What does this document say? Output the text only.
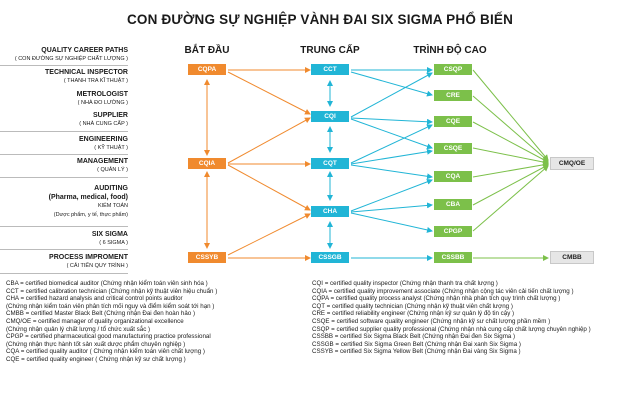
CON ĐƯỜNG SỰ NGHIỆP VÀNH ĐAI SIX SIGMA PHỔ BIẾN
BẮT ĐẦU	TRUNG CẤP	TRÌNH ĐỘ CAO
QUALITY CAREER PATHS
( CON ĐƯỜNG SỰ NGHIỆP CHẤT LƯỢNG )
TECHNICAL INSPECTOR
( THANH TRA KĨ THUẬT )
METROLOGIST
( NHÀ ĐO LƯỜNG )
SUPPLIER
( NHÀ CUNG CẤP )
ENGINEERING
( KỸ THUẬT )
MANAGEMENT
( QUẢN LÝ )
AUDITING
(Pharma, medical, food)
KIỂM TOÁN
(Dược phẩm, y tế, thực phẩm)
SIX SIGMA
( 6 SIGMA )
PROCESS IMPROMENT
( CẢI TIẾN QUY TRÌNH )
CQPA
CQIA
CSSYB
CCT
CQI
CQT
CHA
CSSGB
CSQP
CRE
CQE
CSQE
CQA
CBA
CPGP
CSSBB
CMQ/OE
CMBB
CBA = certified biomedical auditor (Chứng nhận kiểm toán viên sinh hóa )
CCT = certified calibration technician (Chứng nhận kỹ thuật viên hiệu chuẩn )
CHA = certified hazard analysis and critical control points auditor
(Chứng nhận kiểm toán viên phân tích mối nguy và điểm kiểm soát tới hạn )
CMBB = certified Master Black Belt (Chứng nhận Đai đen hoàn hảo )
CMQ/OE = certified manager of quality organizational excellence
(Chứng nhận quản lý chất lượng / tổ chức xuất sắc )
CPGP = certified pharmaceutical good manufacturing practice professional
(Chứng nhận thực hành tốt sản xuất dược phẩm chuyên nghiệp )
CQA = certified quality auditor ( Chứng nhận kiểm toán viên chất lượng )
CQE = certified quality engineer ( Chứng nhận kỹ sư chất lượng )
CQI = certified quality inspector (Chứng nhận thanh tra chất lượng )
CQIA = certified quality improvement associate (Chứng nhận cộng tác viên cải tiến chất lượng )
CQPA = certified quality process analyst (Chứng nhận nhà phân tích quy trình chất lượng )
CQT = certified quality technician (Chứng nhận kỹ thuật viên chất lượng )
CRE = certified reliability engineer (Chứng nhận kỹ sư quản lý độ tin cậy )
CSQE = certified software quality engineer (Chứng nhận kỹ sư chất lượng phần mềm )
CSQP = certified supplier quality professional (Chứng nhận nhà cung cấp chất lượng chuyên nghiệp )
CSSBB = certified Six Sigma Black Belt (Chứng nhận Đai đen Six Sigma )
CSSGB = certified Six Sigma Green Belt (Chứng nhận Đai xanh Six Sigma )
CSSYB = certified Six Sigma Yellow Belt (Chứng nhận Đai vàng Six Sigma )
